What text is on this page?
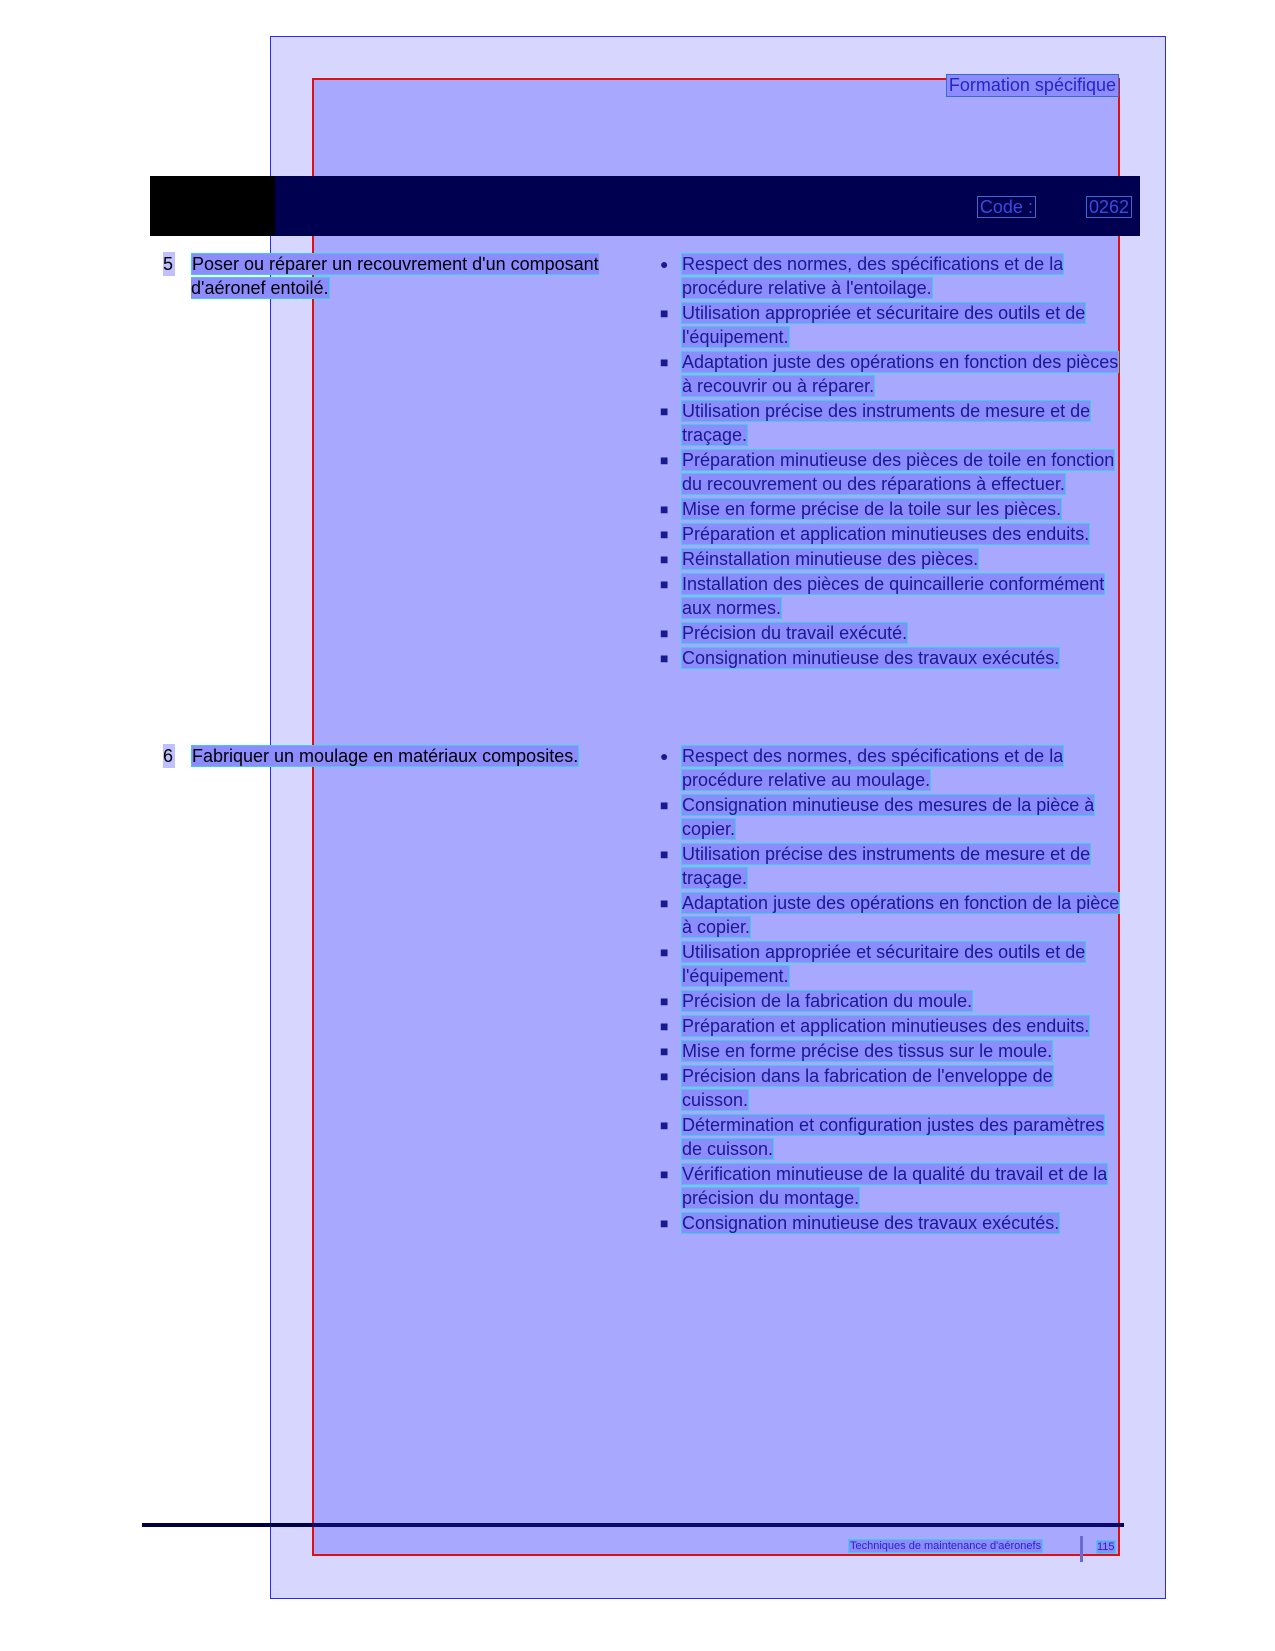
Formation spécifique
Code :	0262
5 Poser ou réparer un recouvrement d'un composant d'aéronef entoilé.
● Respect des normes, des spécifications et de la procédure relative à l'entoilage.
■ Utilisation appropriée et sécuritaire des outils et de l'équipement.
■ Adaptation juste des opérations en fonction des pièces à recouvrir ou à réparer.
■ Utilisation précise des instruments de mesure et de traçage.
■ Préparation minutieuse des pièces de toile en fonction du recouvrement ou des réparations à effectuer.
■ Mise en forme précise de la toile sur les pièces.
■ Préparation et application minutieuses des enduits.
■ Réinstallation minutieuse des pièces.
■ Installation des pièces de quincaillerie conformément aux normes.
■ Précision du travail exécuté.
■ Consignation minutieuse des travaux exécutés.
6 Fabriquer un moulage en matériaux composites.	● Respect des normes, des spécifications et de la procédure relative au moulage.
■ Consignation minutieuse des mesures de la pièce à copier.
■ Utilisation précise des instruments de mesure et de traçage.
■ Adaptation juste des opérations en fonction de la pièce à copier.
■ Utilisation appropriée et sécuritaire des outils et de l'équipement.
■ Précision de la fabrication du moule.
■ Préparation et application minutieuses des enduits.
■ Mise en forme précise des tissus sur le moule.
■ Précision dans la fabrication de l'enveloppe de cuisson.
■ Détermination et configuration justes des paramètres de cuisson.
■ Vérification minutieuse de la qualité du travail et de la précision du montage.
■ Consignation minutieuse des travaux exécutés.
Techniques de maintenance d'aéronefs	115
